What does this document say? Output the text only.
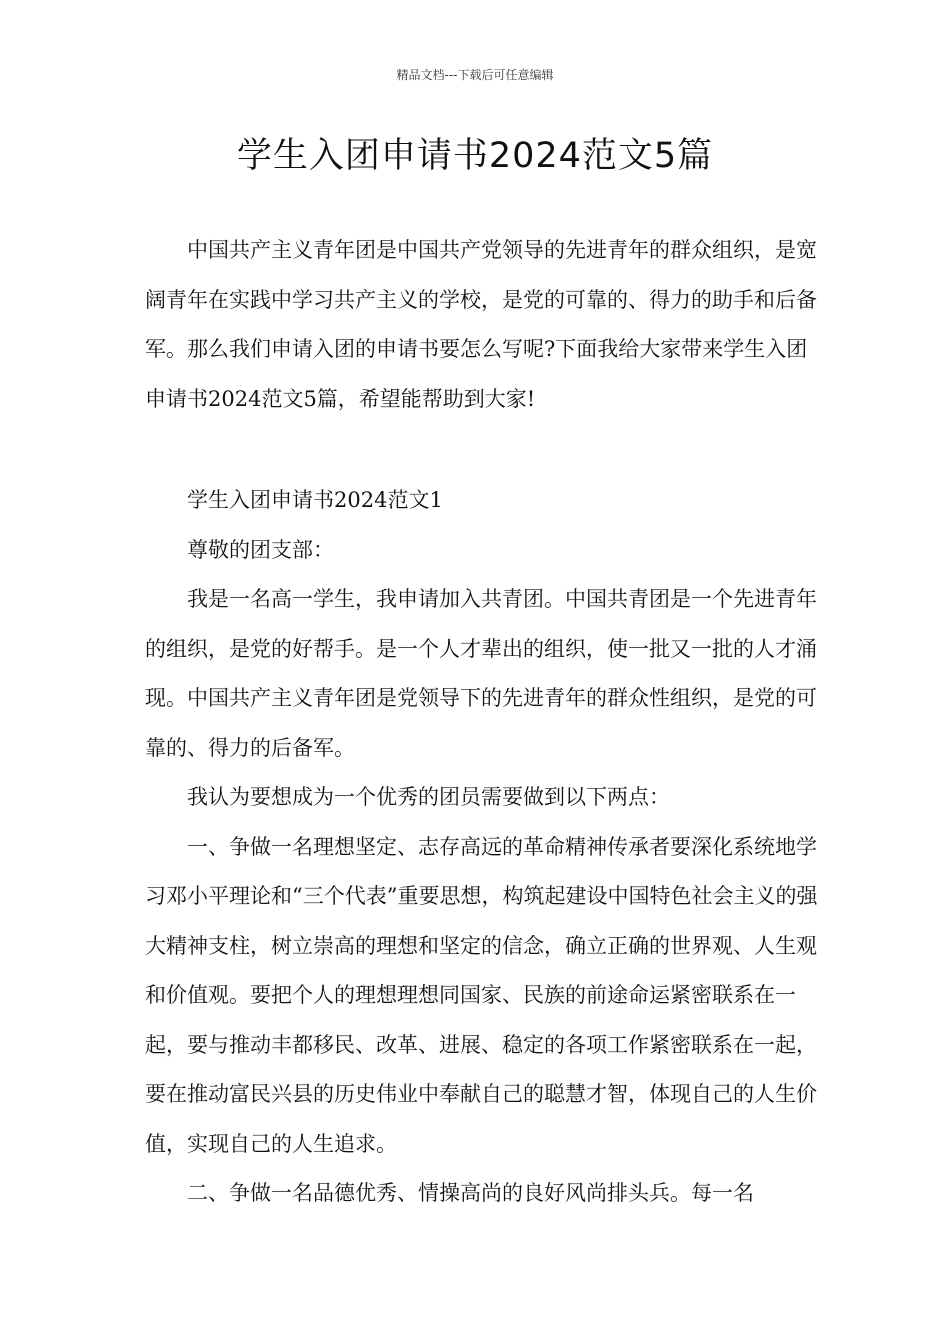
精品文档---下载后可任意编辑
学生入团申请书2024范文5篇

中国共产主义青年团是中国共产党领导的先进青年的群众组织，是宽阔青年在实践中学习共产主义的学校，是党的可靠的、得力的助手和后备军。那么我们申请入团的申请书要怎么写呢?下面我给大家带来学生入团申请书2024范文5篇，希望能帮助到大家!

学生入团申请书2024范文1

尊敬的团支部：

我是一名高一学生，我申请加入共青团。中国共青团是一个先进青年的组织，是党的好帮手。是一个人才辈出的组织，使一批又一批的人才涌现。中国共产主义青年团是党领导下的先进青年的群众性组织，是党的可靠的、得力的后备军。

我认为要想成为一个优秀的团员需要做到以下两点：

一、争做一名理想坚定、志存高远的革命精神传承者要深化系统地学习邓小平理论和“三个代表”重要思想，构筑起建设中国特色社会主义的强大精神支柱，树立崇高的理想和坚定的信念，确立正确的世界观、人生观和价值观。要把个人的理想理想同国家、民族的前途命运紧密联系在一起，要与推动丰都移民、改革、进展、稳定的各项工作紧密联系在一起，要在推动富民兴县的历史伟业中奉献自己的聪慧才智，体现自己的人生价值，实现自己的人生追求。

二、争做一名品德优秀、情操高尚的良好风尚排头兵。每一名
